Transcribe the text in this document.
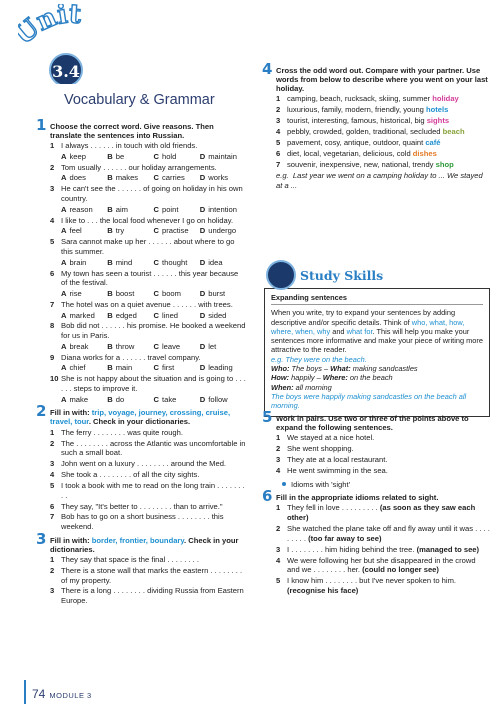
nit
3.4
Vocabulary & Grammar
1 Choose the correct word. Give reasons. Then translate the sentences into Russian.
1 I always . . . . . . in touch with old friends.
A keep	B be	C hold	D maintain
2 Tom usually . . . . . . our holiday arrangements.
A does	B makes	C carries	D works
3 He can't see the . . . . . . of going on holiday in his own country.
A reason	B aim	C point	D intention
4 I like to . . . the local food whenever I go on holiday.
A feel	B try	C practise	D undergo
5 Sara cannot make up her . . . . . . about where to go this summer.
A brain	B mind	C thought	D idea
6 My town has seen a tourist . . . . . . this year because of the festival.
A rise	B boost	C boom	D burst
7 The hotel was on a quiet avenue . . . . . . with trees.
A marked	B edged	C lined	D sided
8 Bob did not . . . . . . his promise. He booked a weekend for us in Paris.
A break	B throw	C leave	D let
9 Diana works for a . . . . . . travel company.
A chief	B main	C first	D leading
10 She is not happy about the situation and is going to . . . . . . steps to improve it.
A make	B do	C take	D follow
2 Fill in with: trip, voyage, journey, crossing, cruise, travel, tour. Check in your dictionaries.
1 The ferry . . . . . . . . was quite rough.
2 The . . . . . . . . across the Atlantic was uncomfortable in such a small boat.
3 John went on a luxury . . . . . . . . around the Med.
4 She took a . . . . . . . . of all the city sights.
5 I took a book with me to read on the long train . . . . . . . . .
6 They say, "It's better to . . . . . . . . than to arrive."
7 Bob has to go on a short business . . . . . . . . this weekend.
3 Fill in with: border, frontier, boundary. Check in your dictionaries.
1 They say that space is the final . . . . . . . .
2 There is a stone wall that marks the eastern . . . . . . . . of my property.
3 There is a long . . . . . . . . dividing Russia from Eastern Europe.
4 Cross the odd word out. Compare with your partner. Use words from below to describe where you went on your last holiday.
1 camping, beach, rucksack, skiing, summer holiday
2 luxurious, family, modern, friendly, young hotels
3 tourist, interesting, famous, historical, big sights
4 pebbly, crowded, golden, traditional, secluded beach
5 pavement, cosy, antique, outdoor, quaint café
6 diet, local, vegetarian, delicious, cold dishes
7 souvenir, inexpensive, new, national, trendy shop
e.g. Last year we went on a camping holiday to ... We stayed at a ...
Study Skills
Expanding sentences
When you write, try to expand your sentences by adding descriptive and/or specific details. Think of who, what, how, where, when, why and what for. This will help you make your sentences more informative and make your piece of writing more attractive to the reader.
e.g. They were on the beach.
Who: The boys – What: making sandcastles
How: happily – Where: on the beach
When: all morning
The boys were happily making sandcastles on the beach all morning.
5 Work in pairs. Use two or three of the points above to expand the following sentences.
1 We stayed at a nice hotel.
2 She went shopping.
3 They ate at a local restaurant.
4 He went swimming in the sea.
Idioms with 'sight'
6 Fill in the appropriate idioms related to sight.
1 They fell in love . . . . . . . . . (as soon as they saw each other)
2 She watched the plane take off and fly away until it was . . . . . . . . . (too far away to see)
3 I . . . . . . . . him hiding behind the tree. (managed to see)
4 We were following her but she disappeared in the crowd and we . . . . . . . . her. (could no longer see)
5 I know him . . . . . . . . but I've never spoken to him. (recognise his face)
74 MODULE 3
